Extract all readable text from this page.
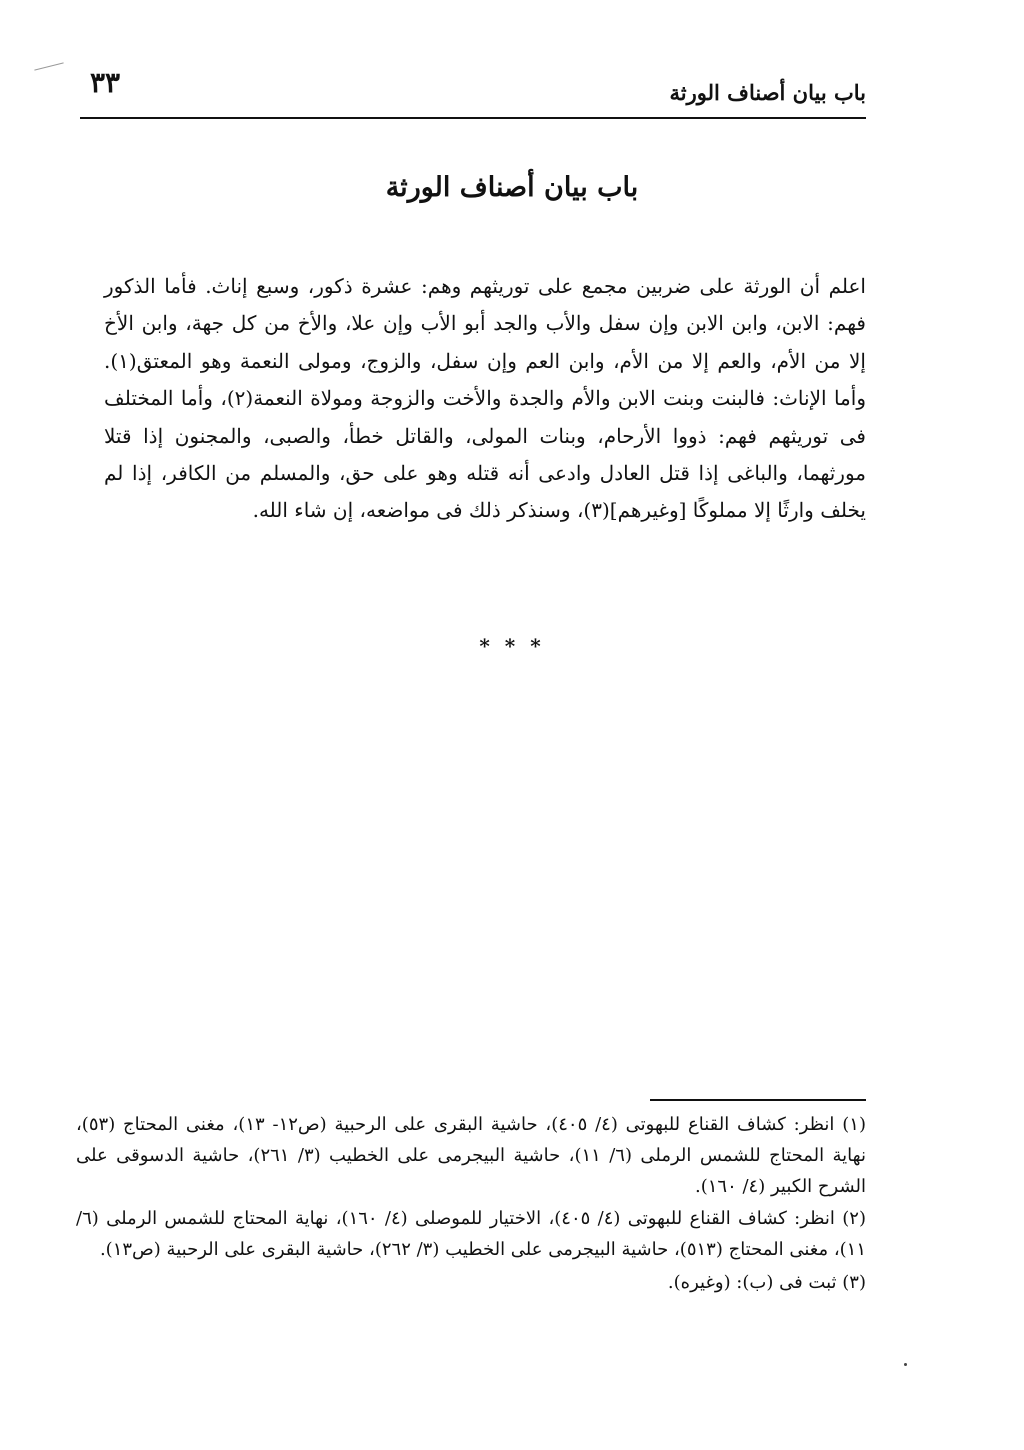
باب بيان أصناف الورثة
٣٣
باب بيان أصناف الورثة

اعلم أن الورثة على ضربين مجمع على توريثهم وهم: عشرة ذكور، وسبع إناث. فأما الذكور فهم: الابن، وابن الابن وإن سفل والأب والجد أبو الأب وإن علا، والأخ من كل جهة، وابن الأخ إلا من الأم، والعم إلا من الأم، وابن العم وإن سفل، والزوج، ومولى النعمة وهو المعتق(١). وأما الإناث: فالبنت وبنت الابن والأم والجدة والأخت والزوجة ومولاة النعمة(٢)، وأما المختلف فى توريثهم فهم: ذووا الأرحام، وبنات المولى، والقاتل خطأ، والصبى، والمجنون إذا قتلا مورثهما، والباغى إذا قتل العادل وادعى أنه قتله وهو على حق، والمسلم من الكافر، إذا لم يخلف وارثًا إلا مملوكًا [وغيرهم](٣)، وسنذكر ذلك فى مواضعه، إن شاء الله.

* * *

(١) انظر: كشاف القناع للبهوتى (٤/ ٤٠٥)، حاشية البقرى على الرحبية (ص١٢- ١٣)، مغنى المحتاج (٥٣)، نهاية المحتاج للشمس الرملى (٦/ ١١)، حاشية البيجرمى على الخطيب (٣/ ٢٦١)، حاشية الدسوقى على الشرح الكبير (٤/ ١٦٠).

(٢) انظر: كشاف القناع للبهوتى (٤/ ٤٠٥)، الاختيار للموصلى (٤/ ١٦٠)، نهاية المحتاج للشمس الرملى (٦/ ١١)، مغنى المحتاج (٥١٣)، حاشية البيجرمى على الخطيب (٣/ ٢٦٢)، حاشية البقرى على الرحبية (ص١٣).

(٣) ثبت فى (ب): (وغيره).
